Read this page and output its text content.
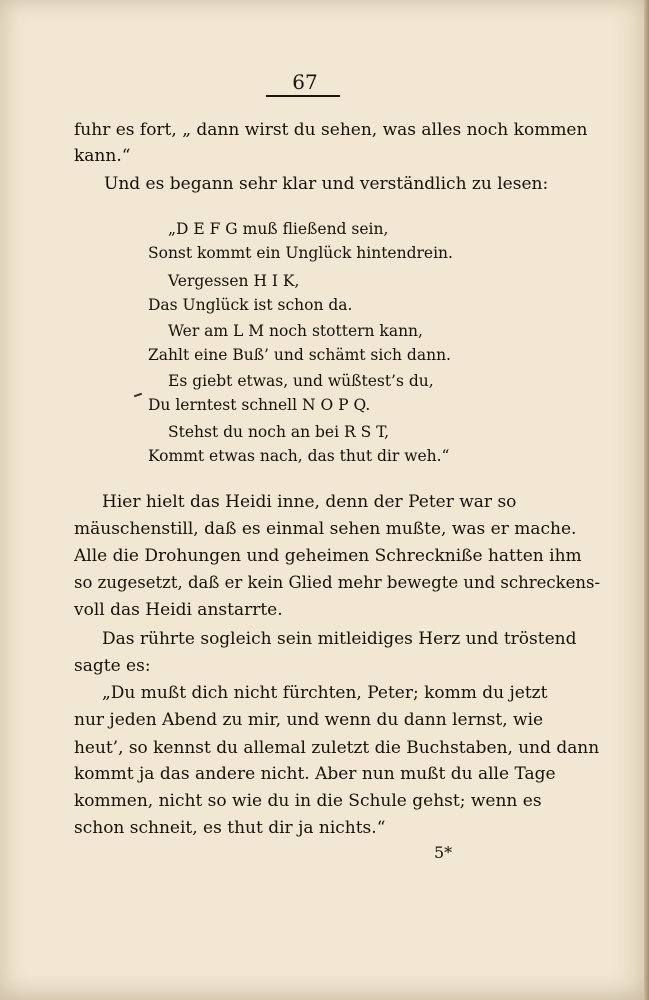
67
fuhr es fort, „ dann wirst du sehen, was alles noch kommen
kann.“
Und es begann sehr klar und verständlich zu lesen:
„D E F G muß fließend sein,
Sonst kommt ein Unglück hintendrein.
Vergessen H I K,
Das Unglück ist schon da.
Wer am L M noch stottern kann,
Zahlt eine Buß’ und schämt sich dann.
Es giebt etwas, und wüßtest’s du,
Du lerntest schnell N O P Q.
Stehst du noch an bei R S T,
Kommt etwas nach, das thut dir weh.“
Hier hielt das Heidi inne, denn der Peter war so
mäuschenstill, daß es einmal sehen mußte, was er mache.
Alle die Drohungen und geheimen Schreckniße hatten ihm
so zugesetzt, daß er kein Glied mehr bewegte und schreckens-
voll das Heidi anstarrte.
Das rührte sogleich sein mitleidiges Herz und tröstend
sagte es:
„Du mußt dich nicht fürchten, Peter; komm du jetzt
nur jeden Abend zu mir, und wenn du dann lernst, wie
heut’, so kennst du allemal zuletzt die Buchstaben, und dann
kommt ja das andere nicht. Aber nun mußt du alle Tage
kommen, nicht so wie du in die Schule gehst; wenn es
schon schneit, es thut dir ja nichts.“
5*
